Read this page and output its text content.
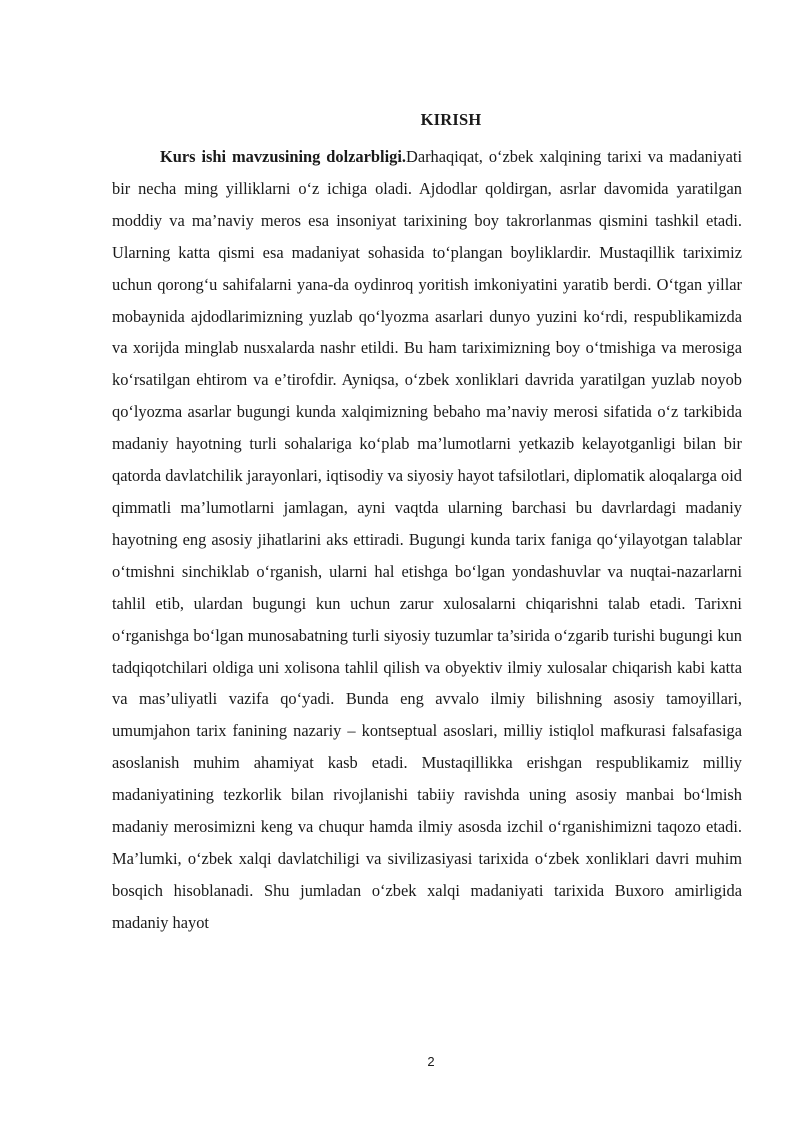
KIRISH

Kurs ishi mavzusining dolzarbligi.Darhaqiqat, o‘zbek xalqining tarixi va madaniyati bir necha ming yilliklarni o‘z ichiga oladi. Ajdodlar qoldirgan, asrlar davomida yaratilgan moddiy va ma’naviy meros esa insoniyat tarixining boy takrorlanmas qismini tashkil etadi. Ularning katta qismi esa madaniyat sohasida to‘plangan boyliklardir. Mustaqillik tariximiz uchun qorong‘u sahifalarni yana-da oydinroq yoritish imkoniyatini yaratib berdi. O‘tgan yillar mobaynida ajdodlarimizning yuzlab qo‘lyozma asarlari dunyo yuzini ko‘rdi, respublikamizda va xorijda minglab nusxalarda nashr etildi. Bu ham tariximizning boy o‘tmishiga va merosiga ko‘rsatilgan ehtirom va e’tirofdir. Ayniqsa, o‘zbek xonliklari davrida yaratilgan yuzlab noyob qo‘lyozma asarlar bugungi kunda xalqimizning bebaho ma’naviy merosi sifatida o‘z tarkibida madaniy hayotning turli sohalariga ko‘plab ma’lumotlarni yetkazib kelayotganligi bilan bir qatorda davlatchilik jarayonlari, iqtisodiy va siyosiy hayot tafsilotlari, diplomatik aloqalarga oid qimmatli ma’lumotlarni jamlagan, ayni vaqtda ularning barchasi bu davrlardagi madaniy hayotning eng asosiy jihatlarini aks ettiradi. Bugungi kunda tarix faniga qo‘yilayotgan talablar o‘tmishni sinchiklab o‘rganish, ularni hal etishga bo‘lgan yondashuvlar va nuqtai-nazarlarni tahlil etib, ulardan bugungi kun uchun zarur xulosalarni chiqarishni talab etadi. Tarixni o‘rganishga bo‘lgan munosabatning turli siyosiy tuzumlar ta’sirida o‘zgarib turishi bugungi kun tadqiqotchilari oldiga uni xolisona tahlil qilish va obyektiv ilmiy xulosalar chiqarish kabi katta va mas’uliyatli vazifa qo‘yadi. Bunda eng avvalo ilmiy bilishning asosiy tamoyillari, umumjahon tarix fanining nazariy – kontseptual asoslari, milliy istiqlol mafkurasi falsafasiga asoslanish muhim ahamiyat kasb etadi. Mustaqillikka erishgan respublikamiz milliy madaniyatining tezkorlik bilan rivojlanishi tabiiy ravishda uning asosiy manbai bo‘lmish madaniy merosimizni keng va chuqur hamda ilmiy asosda izchil o‘rganishimizni taqozo etadi. Ma’lumki, o‘zbek xalqi davlatchiligi va sivilizasiyasi tarixida o‘zbek xonliklari davri muhim bosqich hisoblanadi. Shu jumladan o‘zbek xalqi madaniyati tarixida Buxoro amirligida madaniy hayot

2
